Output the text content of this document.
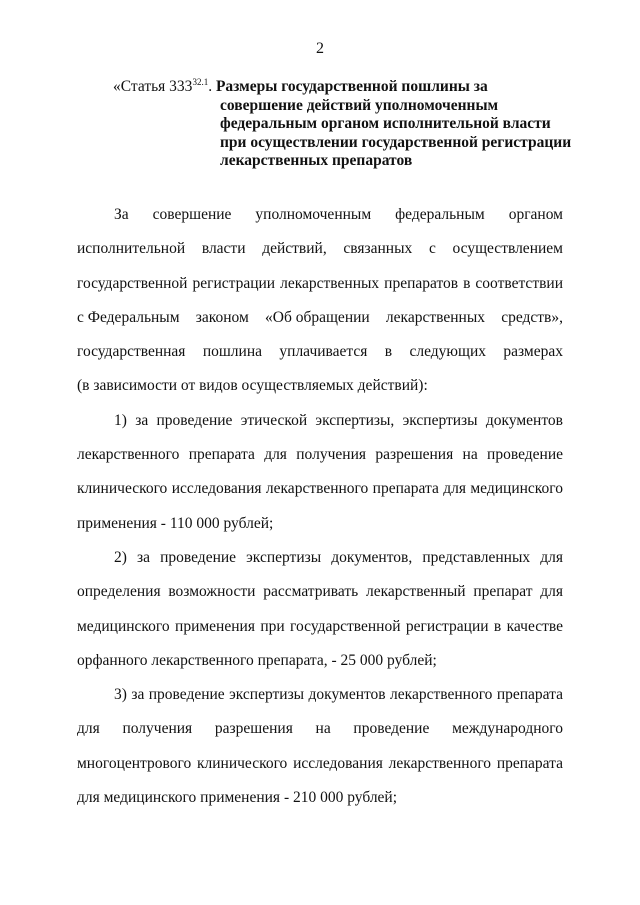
2
«Статья $333^{32.1}$. Размеры государственной пошлины за
совершение действий уполномоченным
федеральным органом исполнительной власти
при осуществлении государственной регистрации
лекарственных препаратов
За совершение уполномоченным федеральным органом
исполнительной власти действий, связанных с осуществлением
государственной регистрации лекарственных препаратов в соответствии
с Федеральным законом «Об обращении лекарственных средств»,
государственная пошлина уплачивается в следующих размерах
(в зависимости от видов осуществляемых действий):
1) за проведение этической экспертизы, экспертизы документов
лекарственного препарата для получения разрешения на проведение
клинического исследования лекарственного препарата для медицинского
применения - 110 000 рублей;
2) за проведение экспертизы документов, представленных для
определения возможности рассматривать лекарственный препарат для
медицинского применения при государственной регистрации в качестве
орфанного лекарственного препарата, - 25 000 рублей;
3) за проведение экспертизы документов лекарственного препарата
для получения разрешения на проведение международного
многоцентрового клинического исследования лекарственного препарата
для медицинского применения - 210 000 рублей;
